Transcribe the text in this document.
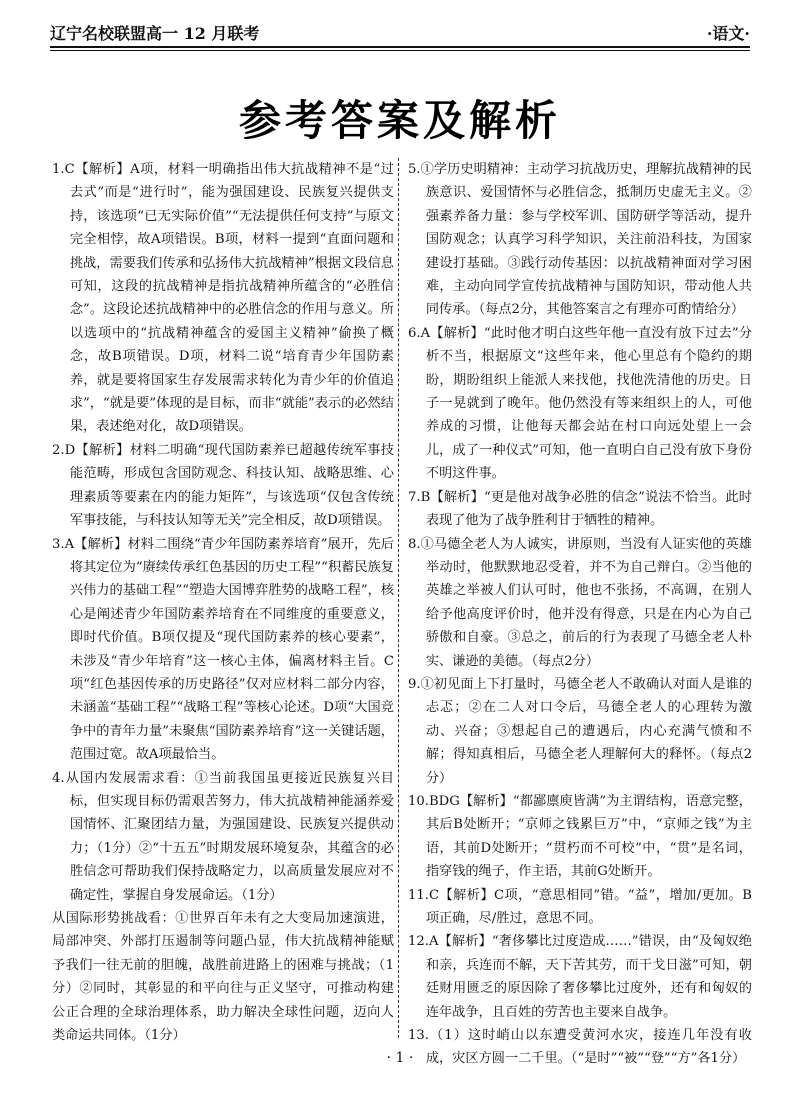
辽宁名校联盟高一 12 月联考	·语文·
参考答案及解析

1.C【解析】A项，材料一明确指出伟大抗战精神不是“过去式”而是“进行时”，能为强国建设、民族复兴提供支持，该选项“已无实际价值”“无法提供任何支持”与原文完全相悖，故A项错误。B项，材料一提到“直面问题和挑战，需要我们传承和弘扬伟大抗战精神”根据文段信息可知，这段的抗战精神是指抗战精神所蕴含的“必胜信念”。这段论述抗战精神中的必胜信念的作用与意义。所以选项中的“抗战精神蕴含的爱国主义精神”偷换了概念，故B项错误。D项，材料二说“培育青少年国防素养，就是要将国家生存发展需求转化为青少年的价值追求”，“就是要”体现的是目标，而非“就能”表示的必然结果，表述绝对化，故D项错误。

2.D【解析】材料二明确“现代国防素养已超越传统军事技能范畴，形成包含国防观念、科技认知、战略思维、心理素质等要素在内的能力矩阵”，与该选项“仅包含传统军事技能，与科技认知等无关”完全相反，故D项错误。

3.A【解析】材料二围绕“青少年国防素养培育”展开，先后将其定位为“赓续传承红色基因的历史工程”“积蓄民族复兴伟力的基础工程”“塑造大国博弈胜势的战略工程”，核心是阐述青少年国防素养培育在不同维度的重要意义，即时代价值。B项仅提及“现代国防素养的核心要素”，未涉及“青少年培育”这一核心主体，偏离材料主旨。C项“红色基因传承的历史路径”仅对应材料二部分内容，未涵盖“基础工程”“战略工程”等核心论述。D项“大国竞争中的青年力量”未聚焦“国防素养培育”这一关键话题，范围过宽。故A项最恰当。

4.从国内发展需求看：①当前我国虽更接近民族复兴目标，但实现目标仍需艰苦努力，伟大抗战精神能涵养爱国情怀、汇聚团结力量，为强国建设、民族复兴提供动力；（1分）②“十五五”时期发展环境复杂，其蕴含的必胜信念可帮助我们保持战略定力，以高质量发展应对不确定性，掌握自身发展命运。（1分）

从国际形势挑战看：①世界百年未有之大变局加速演进，局部冲突、外部打压遏制等问题凸显，伟大抗战精神能赋予我们一往无前的胆魄，战胜前进路上的困难与挑战；（1分）②同时，其彰显的和平向往与正义坚守，可推动构建公正合理的全球治理体系，助力解决全球性问题，迈向人类命运共同体。（1分）

5.①学历史明精神：主动学习抗战历史，理解抗战精神的民族意识、爱国情怀与必胜信念，抵制历史虚无主义。②强素养备力量：参与学校军训、国防研学等活动，提升国防观念；认真学习科学知识，关注前沿科技，为国家建设打基础。③践行动传基因：以抗战精神面对学习困难，主动向同学宣传抗战精神与国防知识，带动他人共同传承。（每点2分，其他答案言之有理亦可酌情给分）

6.A【解析】“此时他才明白这些年他一直没有放下过去”分析不当，根据原文“这些年来，他心里总有个隐约的期盼，期盼组织上能派人来找他，找他洗清他的历史。日子一晃就到了晚年。他仍然没有等来组织上的人，可他养成的习惯，让他每天都会站在村口向远处望上一会儿，成了一种仪式”可知，他一直明白自己没有放下身份不明这件事。

7.B【解析】“更是他对战争必胜的信念”说法不恰当。此时表现了他为了战争胜利甘于牺牲的精神。

8.①马德全老人为人诚实，讲原则，当没有人证实他的英雄举动时，他默默地忍受着，并不为自己辩白。②当他的英雄之举被人们认可时，他也不张扬，不高调，在别人给予他高度评价时，他并没有得意，只是在内心为自己骄傲和自豪。③总之，前后的行为表现了马德全老人朴实、谦逊的美德。（每点2分）

9.①初见面上下打量时，马德全老人不敢确认对面人是谁的忐忑；②在二人对口令后，马德全老人的心理转为激动、兴奋；③想起自己的遭遇后，内心充满气愤和不解；得知真相后，马德全老人理解何大的释怀。（每点2分）

10.BDG【解析】“都鄙廪庾皆满”为主谓结构，语意完整，其后B处断开；“京师之钱累巨万”中，“京师之钱”为主语，其前D处断开；“贯朽而不可校”中，“贯”是名词，指穿钱的绳子，作主语，其前G处断开。

11.C【解析】C项，“意思相同”错。“益”，增加/更加。B项正确，尽/胜过，意思不同。

12.A【解析】“奢侈攀比过度造成……”错误，由“及匈奴绝和亲，兵连而不解，天下苦其劳，而干戈日滋”可知，朝廷财用匮乏的原因除了奢侈攀比过度外，还有和匈奴的连年战争，且百姓的劳苦也主要来自战争。

13.（1）这时峭山以东遭受黄河水灾，接连几年没有收成，灾区方圆一二千里。（“是时”“被”“登”“方”各1分）

· 1 ·
